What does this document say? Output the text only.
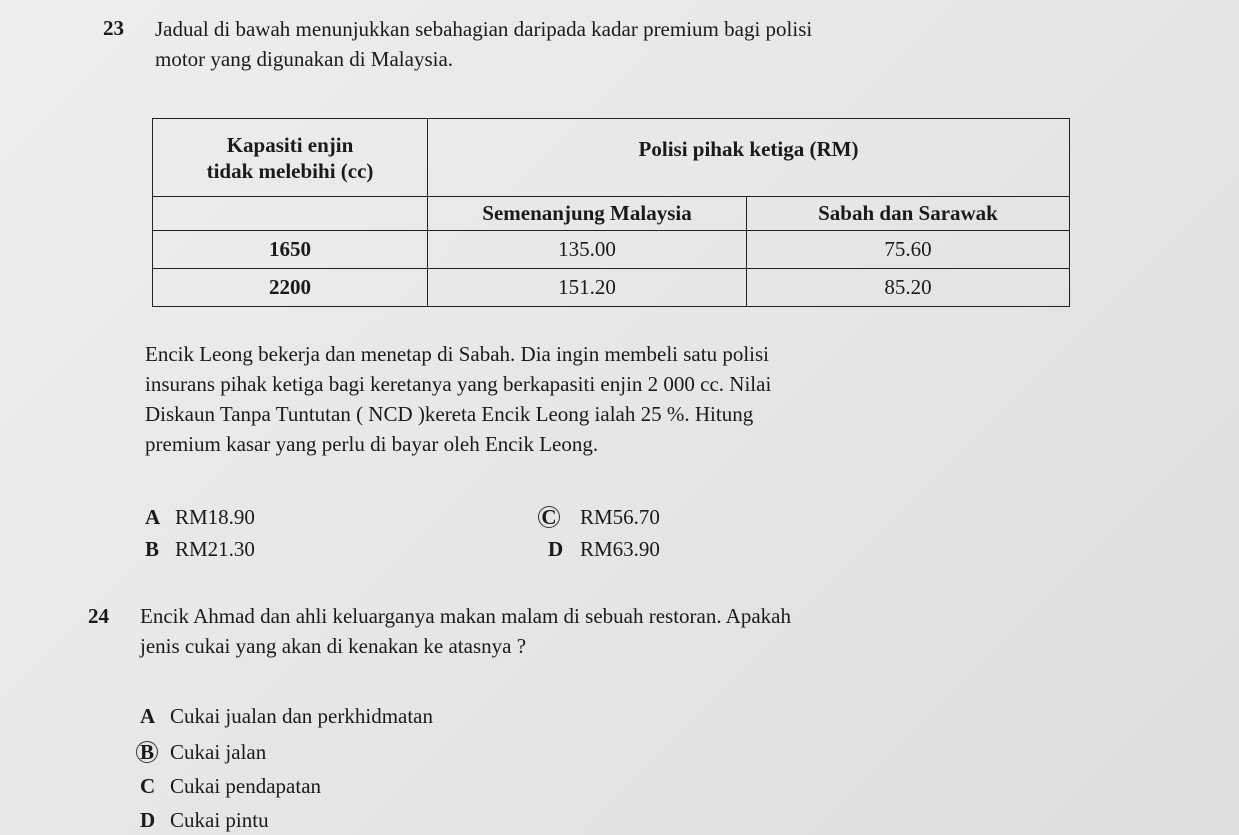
23 Jadual di bawah menunjukkan sebahagian daripada kadar premium bagi polisi
motor yang digunakan di Malaysia.
Kapasiti enjin
tidak melebihi (cc)	Polisi pihak ketiga (RM)	
	Semenanjung Malaysia	Sabah dan Sarawak
1650	135.00	75.60
2200	151.20	85.20
Encik Leong bekerja dan menetap di Sabah. Dia ingin membeli satu polisi
insurans pihak ketiga bagi keretanya yang berkapasiti enjin 2 000 cc. Nilai
Diskaun Tanpa Tuntutan ( NCD )kereta Encik Leong ialah 25 %. Hitung
premium kasar yang perlu di bayar oleh Encik Leong.
A RM18.90
B RM21.30
C RM56.70
D RM63.90
24 Encik Ahmad dan ahli keluarganya makan malam di sebuah restoran. Apakah
jenis cukai yang akan di kenakan ke atasnya ?
A Cukai jualan dan perkhidmatan
B Cukai jalan
C Cukai pendapatan
D Cukai pintu
